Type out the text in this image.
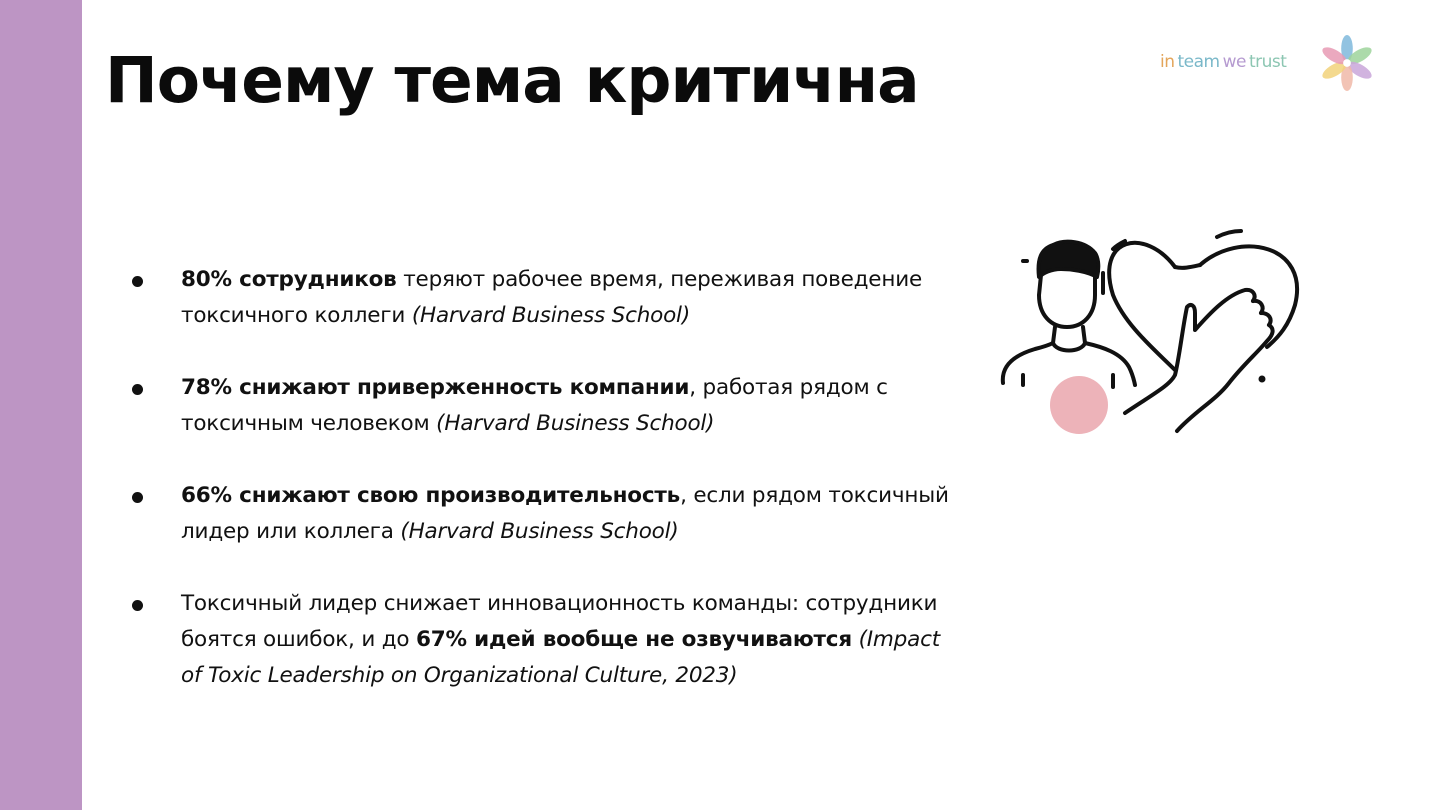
Почему тема критична	in team we trust
80% сотрудников теряют рабочее время, переживая поведение токсичного коллеги (Harvard Business School)
78% снижают приверженность компании, работая рядом с токсичным человеком (Harvard Business School)
66% снижают свою производительность, если рядом токсичный лидер или коллега (Harvard Business School)
Токсичный лидер снижает инновационность команды: сотрудники боятся ошибок, и до 67% идей вообще не озвучиваются (Impact of Toxic Leadership on Organizational Culture, 2023)
